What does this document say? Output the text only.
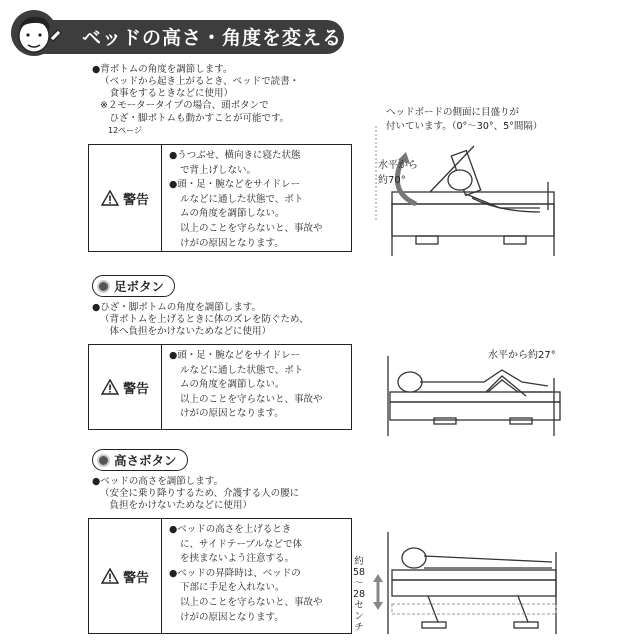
ベッドの高さ・角度を変える
●背ボトムの角度を調節します。
（ベッドから起き上がるとき、ベッドで読書・
　食事をするときなどに使用）
※２モータータイプの場合、頭ボタンで
　ひざ・脚ボトムも動かすことが可能です。
　12ページ
警告
●うつぶせ、横向きに寝た状態
で背上げしない。
●頭・足・腕などをサイドレー
ルなどに通した状態で、ボト
ムの角度を調節しない。
以上のことを守らないと、事故や
けがの原因となります。
ヘッドボードの側面に目盛りが
付いています。（0°〜30°、5°間隔）
水平から
約70°
足ボタン
●ひざ・脚ボトムの角度を調節します。
（背ボトムを上げるときに体のズレを防ぐため、
　体へ負担をかけないためなどに使用）
警告
●頭・足・腕などをサイドレー
ルなどに通した状態で、ボト
ムの角度を調節しない。
以上のことを守らないと、事故や
けがの原因となります。
水平から約27°
高さボタン
●ベッドの高さを調節します。
（安全に乗り降りするため、介護する人の腰に
　負担をかけないためなどに使用）
警告
●ベッドの高さを上げるとき
に、サイドテーブルなどで体
を挟まないよう注意する。
●ベッドの昇降時は、ベッドの
下部に手足を入れない。
以上のことを守らないと、事故や
けがの原因となります。
約
58
〜
28
セ
ン
チ
